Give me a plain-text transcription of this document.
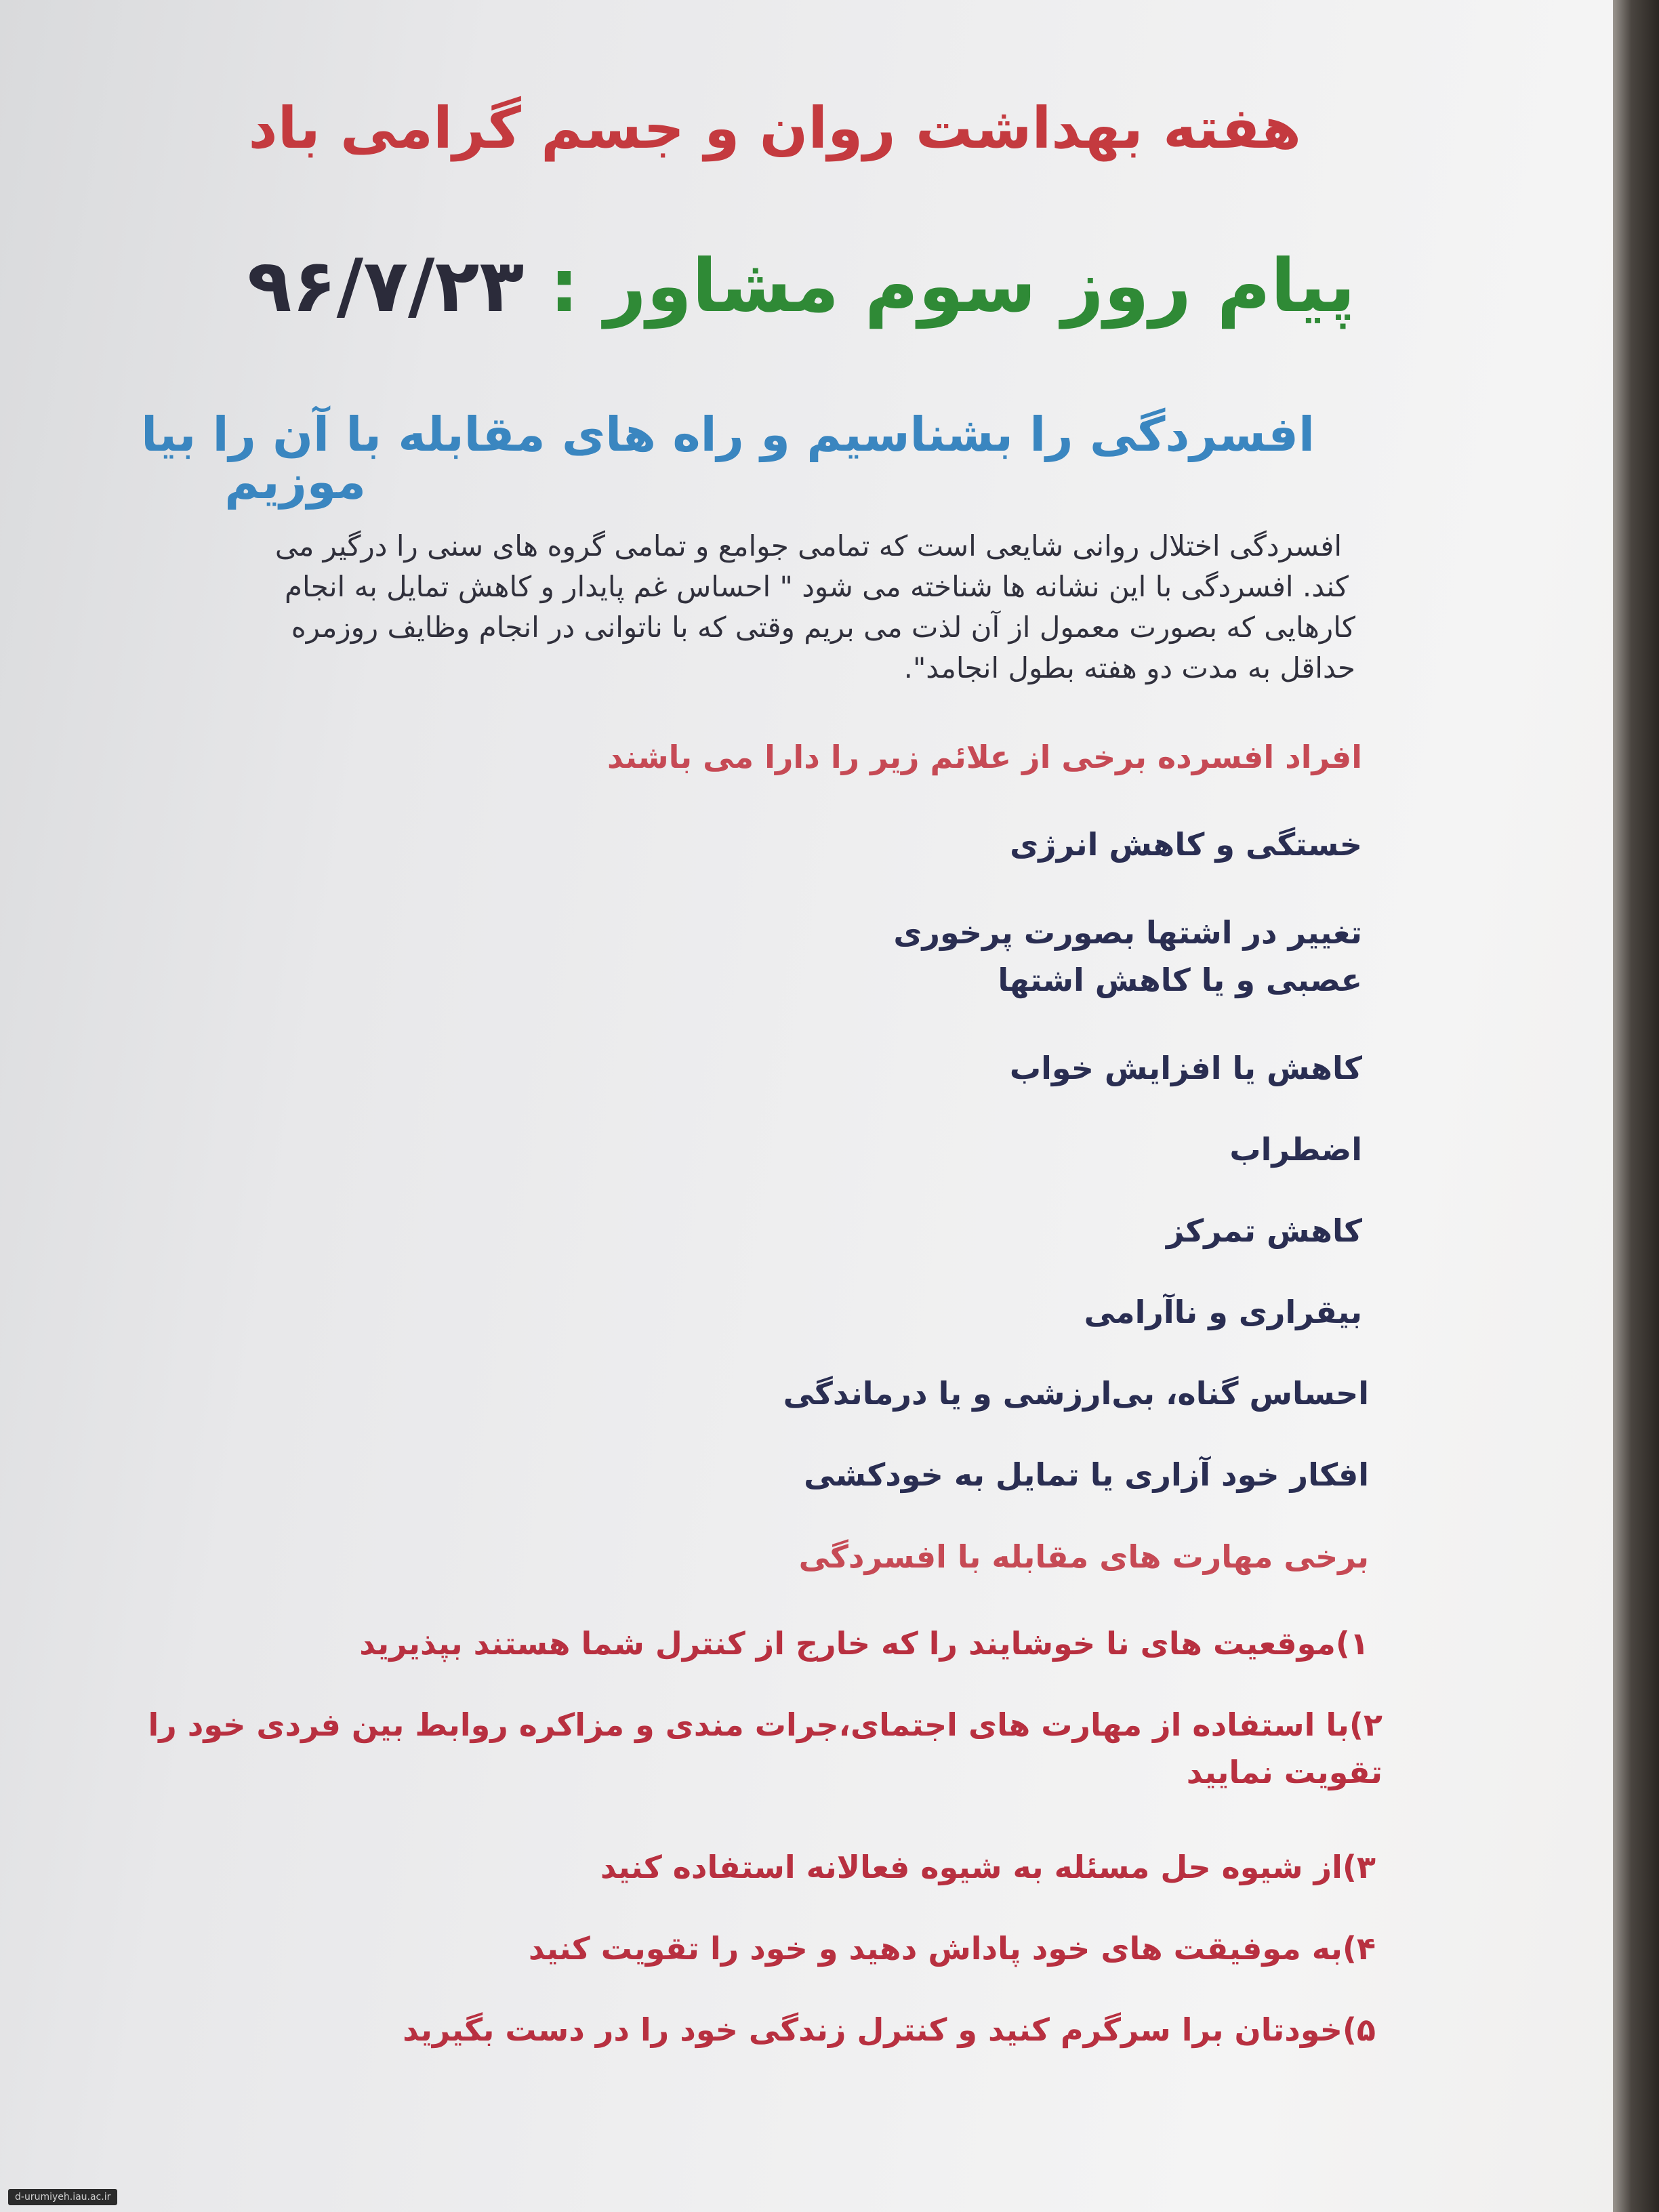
هفته بهداشت روان و جسم گرامی باد
پیام روز سوم مشاور : ۹۶/۷/۲۳
افسردگی را بشناسیم و راه های مقابله با آن را بیا
موزیم
افسردگی اختلال روانی شایعی است که تمامی جوامع و تمامی گروه های سنی را درگیر می
کند. افسردگی با این نشانه ها شناخته می شود " احساس غم پایدار و کاهش تمایل به انجام
کارهایی که بصورت معمول از آن لذت می بریم وقتی که با ناتوانی در انجام وظایف روزمره
حداقل به مدت دو هفته بطول انجامد".
افراد افسرده برخی از علائم زیر را دارا می باشند
خستگی و کاهش انرژی
تغییر در اشتها بصورت پرخوری
عصبی و یا کاهش اشتها
کاهش یا افزایش خواب
اضطراب
کاهش تمرکز
بیقراری و ناآرامی
احساس گناه، بی‌ارزشی و یا درماندگی
افکار خود آزاری یا تمایل به خودکشی
برخی مهارت های مقابله با افسردگی
۱)موقعیت های نا خوشایند را که خارج از کنترل شما هستند بپذیرید
۲)با استفاده از مهارت های اجتمای،جرات مندی و مزاکره روابط بین فردی خود را
تقویت نمایید
۳)از شیوه حل مسئله به شیوه فعالانه استفاده کنید
۴)به موفیقت های خود پاداش دهید و خود را تقویت کنید
۵)خودتان برا سرگرم کنید و کنترل زندگی خود را در دست بگیرید
d-urumiyeh.iau.ac.ir
